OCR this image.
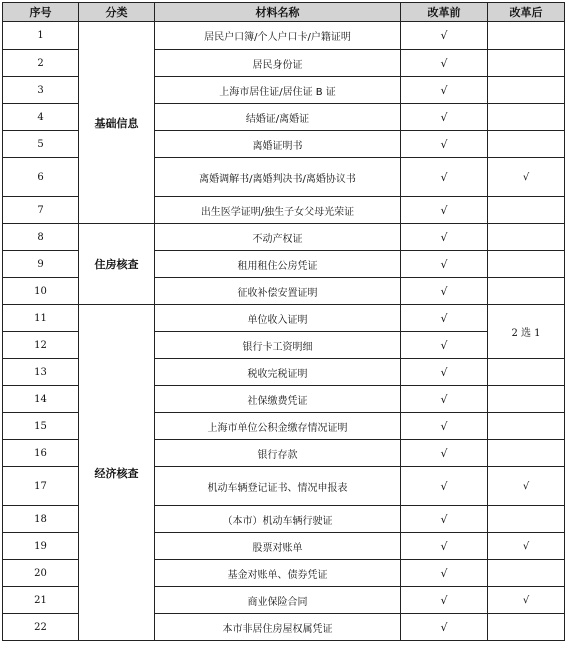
序号	分类	材料名称	改革前	改革后
1	基础信息	居民户口簿/个人户口卡/户籍证明	√	
2		居民身份证	√	
3		上海市居住证/居住证 B 证	√	
4		结婚证/离婚证	√	
5		离婚证明书	√	
6		离婚调解书/离婚判决书/离婚协议书	√	√
7		出生医学证明/独生子女父母光荣证	√	
8	住房核查	不动产权证	√	
9		租用租住公房凭证	√	
10		征收补偿安置证明	√	
11	经济核查	单位收入证明	√	2 选 1
12		银行卡工资明细	√	
13		税收完税证明	√	
14		社保缴费凭证	√	
15		上海市单位公积金缴存情况证明	√	
16		银行存款	√	
17		机动车辆登记证书、情况申报表	√	√
18		（本市）机动车辆行驶证	√	
19		股票对账单	√	√
20		基金对账单、债券凭证	√	
21		商业保险合同	√	√
22		本市非居住房屋权属凭证	√	
